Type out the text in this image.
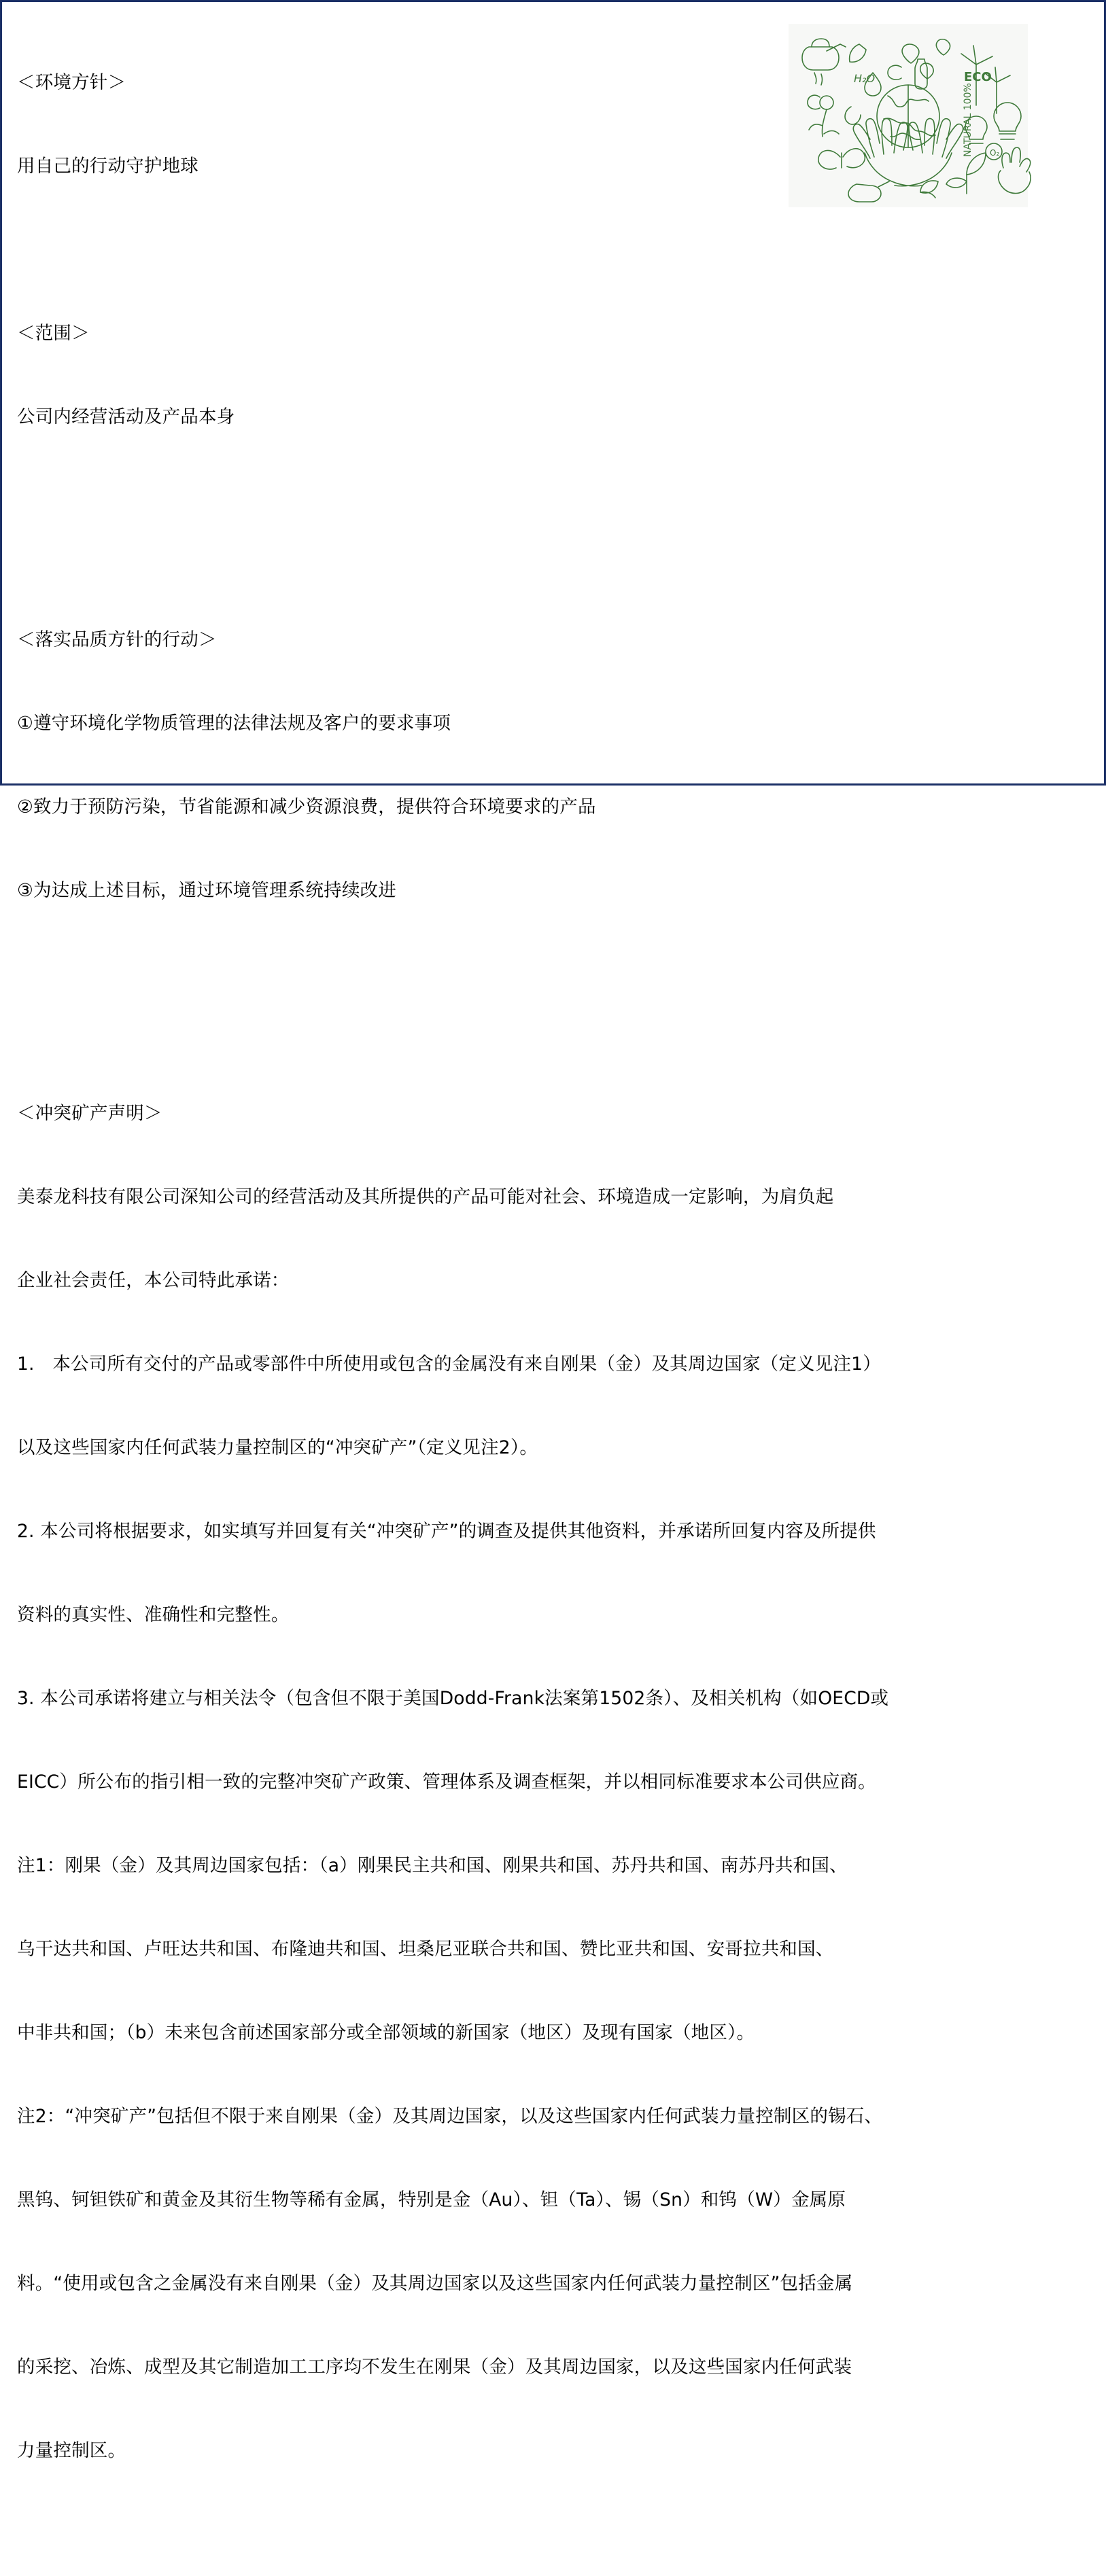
H₂O	ECO
NATURAL 100% O₂

＜环境方针＞

用自己的行动守护地球

＜范围＞

公司内经营活动及产品本身

＜落实品质方针的行动＞

①遵守环境化学物质管理的法律法规及客户的要求事项

②致力于预防污染，节省能源和减少资源浪费，提供符合环境要求的产品

③为达成上述目标，通过环境管理系统持续改进

＜冲突矿产声明＞

美泰龙科技有限公司深知公司的经营活动及其所提供的产品可能对社会、环境造成一定影响，为肩负起

企业社会责任，本公司特此承诺：

1.　本公司所有交付的产品或零部件中所使用或包含的金属没有来自刚果（金）及其周边国家（定义见注1）

以及这些国家内任何武装力量控制区的“冲突矿产”（定义见注2）。

2. 本公司将根据要求，如实填写并回复有关“冲突矿产”的调查及提供其他资料，并承诺所回复内容及所提供

资料的真实性、准确性和完整性。

3. 本公司承诺将建立与相关法令（包含但不限于美国Dodd-Frank法案第1502条）、及相关机构（如OECD或

EICC）所公布的指引相一致的完整冲突矿产政策、管理体系及调查框架，并以相同标准要求本公司供应商。

注1：刚果（金）及其周边国家包括：（a）刚果民主共和国、刚果共和国、苏丹共和国、南苏丹共和国、

乌干达共和国、卢旺达共和国、布隆迪共和国、坦桑尼亚联合共和国、赞比亚共和国、安哥拉共和国、

中非共和国；（b）未来包含前述国家部分或全部领域的新国家（地区）及现有国家（地区）。

注2：“冲突矿产”包括但不限于来自刚果（金）及其周边国家，以及这些国家内任何武装力量控制区的锡石、

黑钨、钶钽铁矿和黄金及其衍生物等稀有金属，特别是金（Au）、钽（Ta）、锡（Sn）和钨（W）金属原

料。“使用或包含之金属没有来自刚果（金）及其周边国家以及这些国家内任何武装力量控制区”包括金属

的采挖、冶炼、成型及其它制造加工工序均不发生在刚果（金）及其周边国家，以及这些国家内任何武装

力量控制区。
